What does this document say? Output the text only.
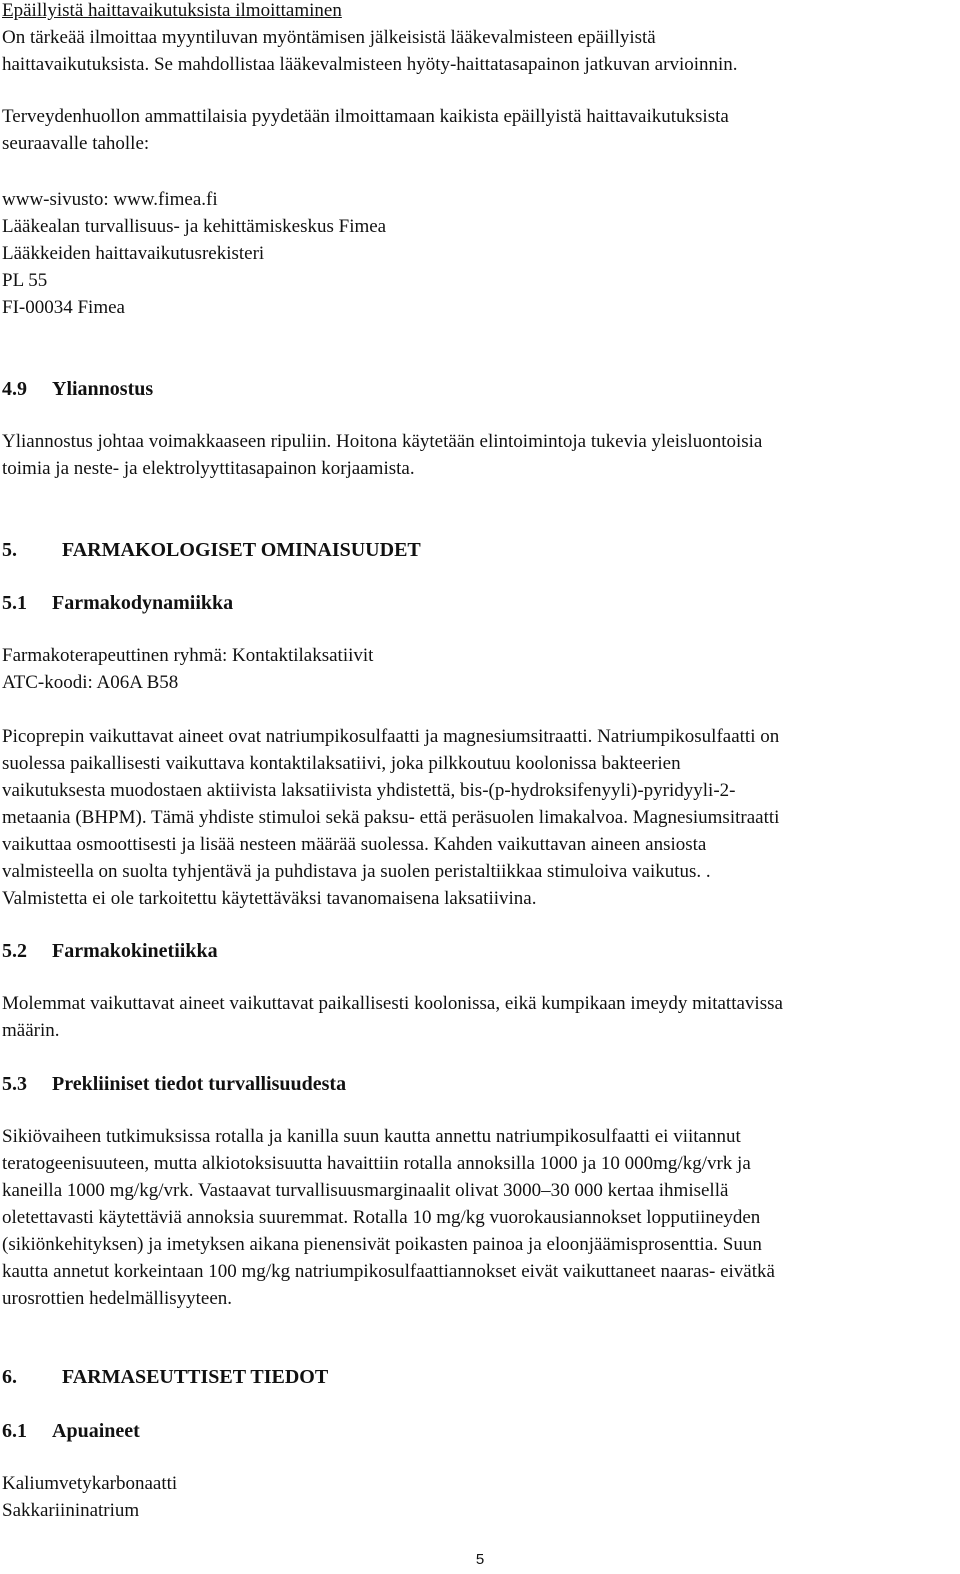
Epäillyistä haittavaikutuksista ilmoittaminen
On tärkeää ilmoittaa myyntiluvan myöntämisen jälkeisistä lääkevalmisteen epäillyistä
haittavaikutuksista. Se mahdollistaa lääkevalmisteen hyöty-haittatasapainon jatkuvan arvioinnin.
Terveydenhuollon ammattilaisia pyydetään ilmoittamaan kaikista epäillyistä haittavaikutuksista
seuraavalle taholle:
www-sivusto: www.fimea.fi
Lääkealan turvallisuus- ja kehittämiskeskus Fimea
Lääkkeiden haittavaikutusrekisteri
PL 55
FI-00034 Fimea
4.9 Yliannostus
Yliannostus johtaa voimakkaaseen ripuliin. Hoitona käytetään elintoimintoja tukevia yleisluontoisia
toimia ja neste- ja elektrolyyttitasapainon korjaamista.
5. FARMAKOLOGISET OMINAISUUDET
5.1 Farmakodynamiikka
Farmakoterapeuttinen ryhmä: Kontaktilaksatiivit
ATC-koodi: A06A B58
Picoprepin vaikuttavat aineet ovat natriumpikosulfaatti ja magnesiumsitraatti. Natriumpikosulfaatti on
suolessa paikallisesti vaikuttava kontaktilaksatiivi, joka pilkkoutuu koolonissa bakteerien
vaikutuksesta muodostaen aktiivista laksatiivista yhdistettä, bis-(p-hydroksifenyyli)-pyridyyli-2-
metaania (BHPM). Tämä yhdiste stimuloi sekä paksu- että peräsuolen limakalvoa. Magnesiumsitraatti
vaikuttaa osmoottisesti ja lisää nesteen määrää suolessa. Kahden vaikuttavan aineen ansiosta
valmisteella on suolta tyhjentävä ja puhdistava ja suolen peristaltiikkaa stimuloiva vaikutus. .
Valmistetta ei ole tarkoitettu käytettäväksi tavanomaisena laksatiivina.
5.2 Farmakokinetiikka
Molemmat vaikuttavat aineet vaikuttavat paikallisesti koolonissa, eikä kumpikaan imeydy mitattavissa
määrin.
5.3 Prekliiniset tiedot turvallisuudesta
Sikiövaiheen tutkimuksissa rotalla ja kanilla suun kautta annettu natriumpikosulfaatti ei viitannut
teratogeenisuuteen, mutta alkiotoksisuutta havaittiin rotalla annoksilla 1000 ja 10 000mg/kg/vrk ja
kaneilla 1000 mg/kg/vrk. Vastaavat turvallisuusmarginaalit olivat 3000–30 000 kertaa ihmisellä
oletettavasti käytettäviä annoksia suuremmat. Rotalla 10 mg/kg vuorokausiannokset lopputiineyden
(sikiönkehityksen) ja imetyksen aikana pienensivät poikasten painoa ja eloonjäämisprosenttia. Suun
kautta annetut korkeintaan 100 mg/kg natriumpikosulfaattiannokset eivät vaikuttaneet naaras- eivätkä
urosrottien hedelmällisyyteen.
6. FARMASEUTTISET TIEDOT
6.1 Apuaineet
Kaliumvetykarbonaatti
Sakkariininatrium
5
